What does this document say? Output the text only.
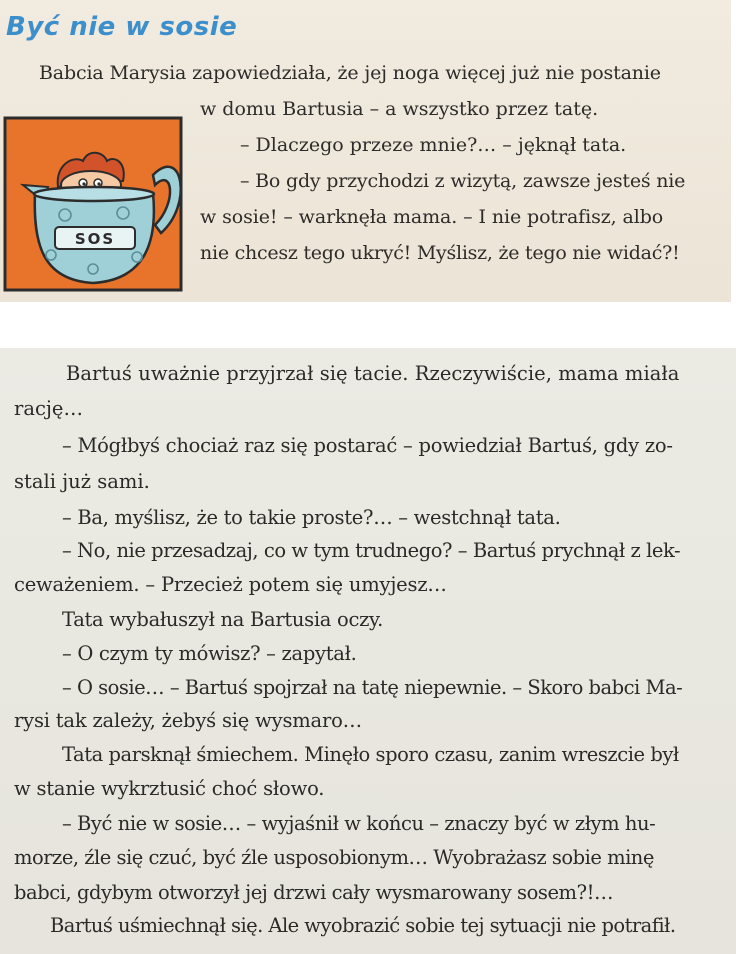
Być nie w sosie

Babcia Marysia zapowiedziała, że jej noga więcej już nie postanie

w domu Bartusia – a wszystko przez tatę.

– Dlaczego przeze mnie?… – jęknął tata.

– Bo gdy przychodzi z wizytą, zawsze jesteś nie

w sosie! – warknęła mama. – I nie potrafisz, albo

nie chcesz tego ukryć! Myślisz, że tego nie widać?!

SOS

Bartuś uważnie przyjrzał się tacie. Rzeczywiście, mama miała

rację…

– Mógłbyś chociaż raz się postarać – powiedział Bartuś, gdy zo-

stali już sami.

– Ba, myślisz, że to takie proste?… – westchnął tata.

– No, nie przesadzaj, co w tym trudnego? – Bartuś prychnął z lek-

ceważeniem. – Przecież potem się umyjesz…

Tata wybałuszył na Bartusia oczy.

– O czym ty mówisz? – zapytał.

– O sosie… – Bartuś spojrzał na tatę niepewnie. – Skoro babci Ma-

rysi tak zależy, żebyś się wysmaro…

Tata parsknął śmiechem. Minęło sporo czasu, zanim wreszcie był

w stanie wykrztusić choć słowo.

– Być nie w sosie… – wyjaśnił w końcu – znaczy być w złym hu-

morze, źle się czuć, być źle usposobionym… Wyobrażasz sobie minę

babci, gdybym otworzył jej drzwi cały wysmarowany sosem?!…

Bartuś uśmiechnął się. Ale wyobrazić sobie tej sytuacji nie potrafił.
